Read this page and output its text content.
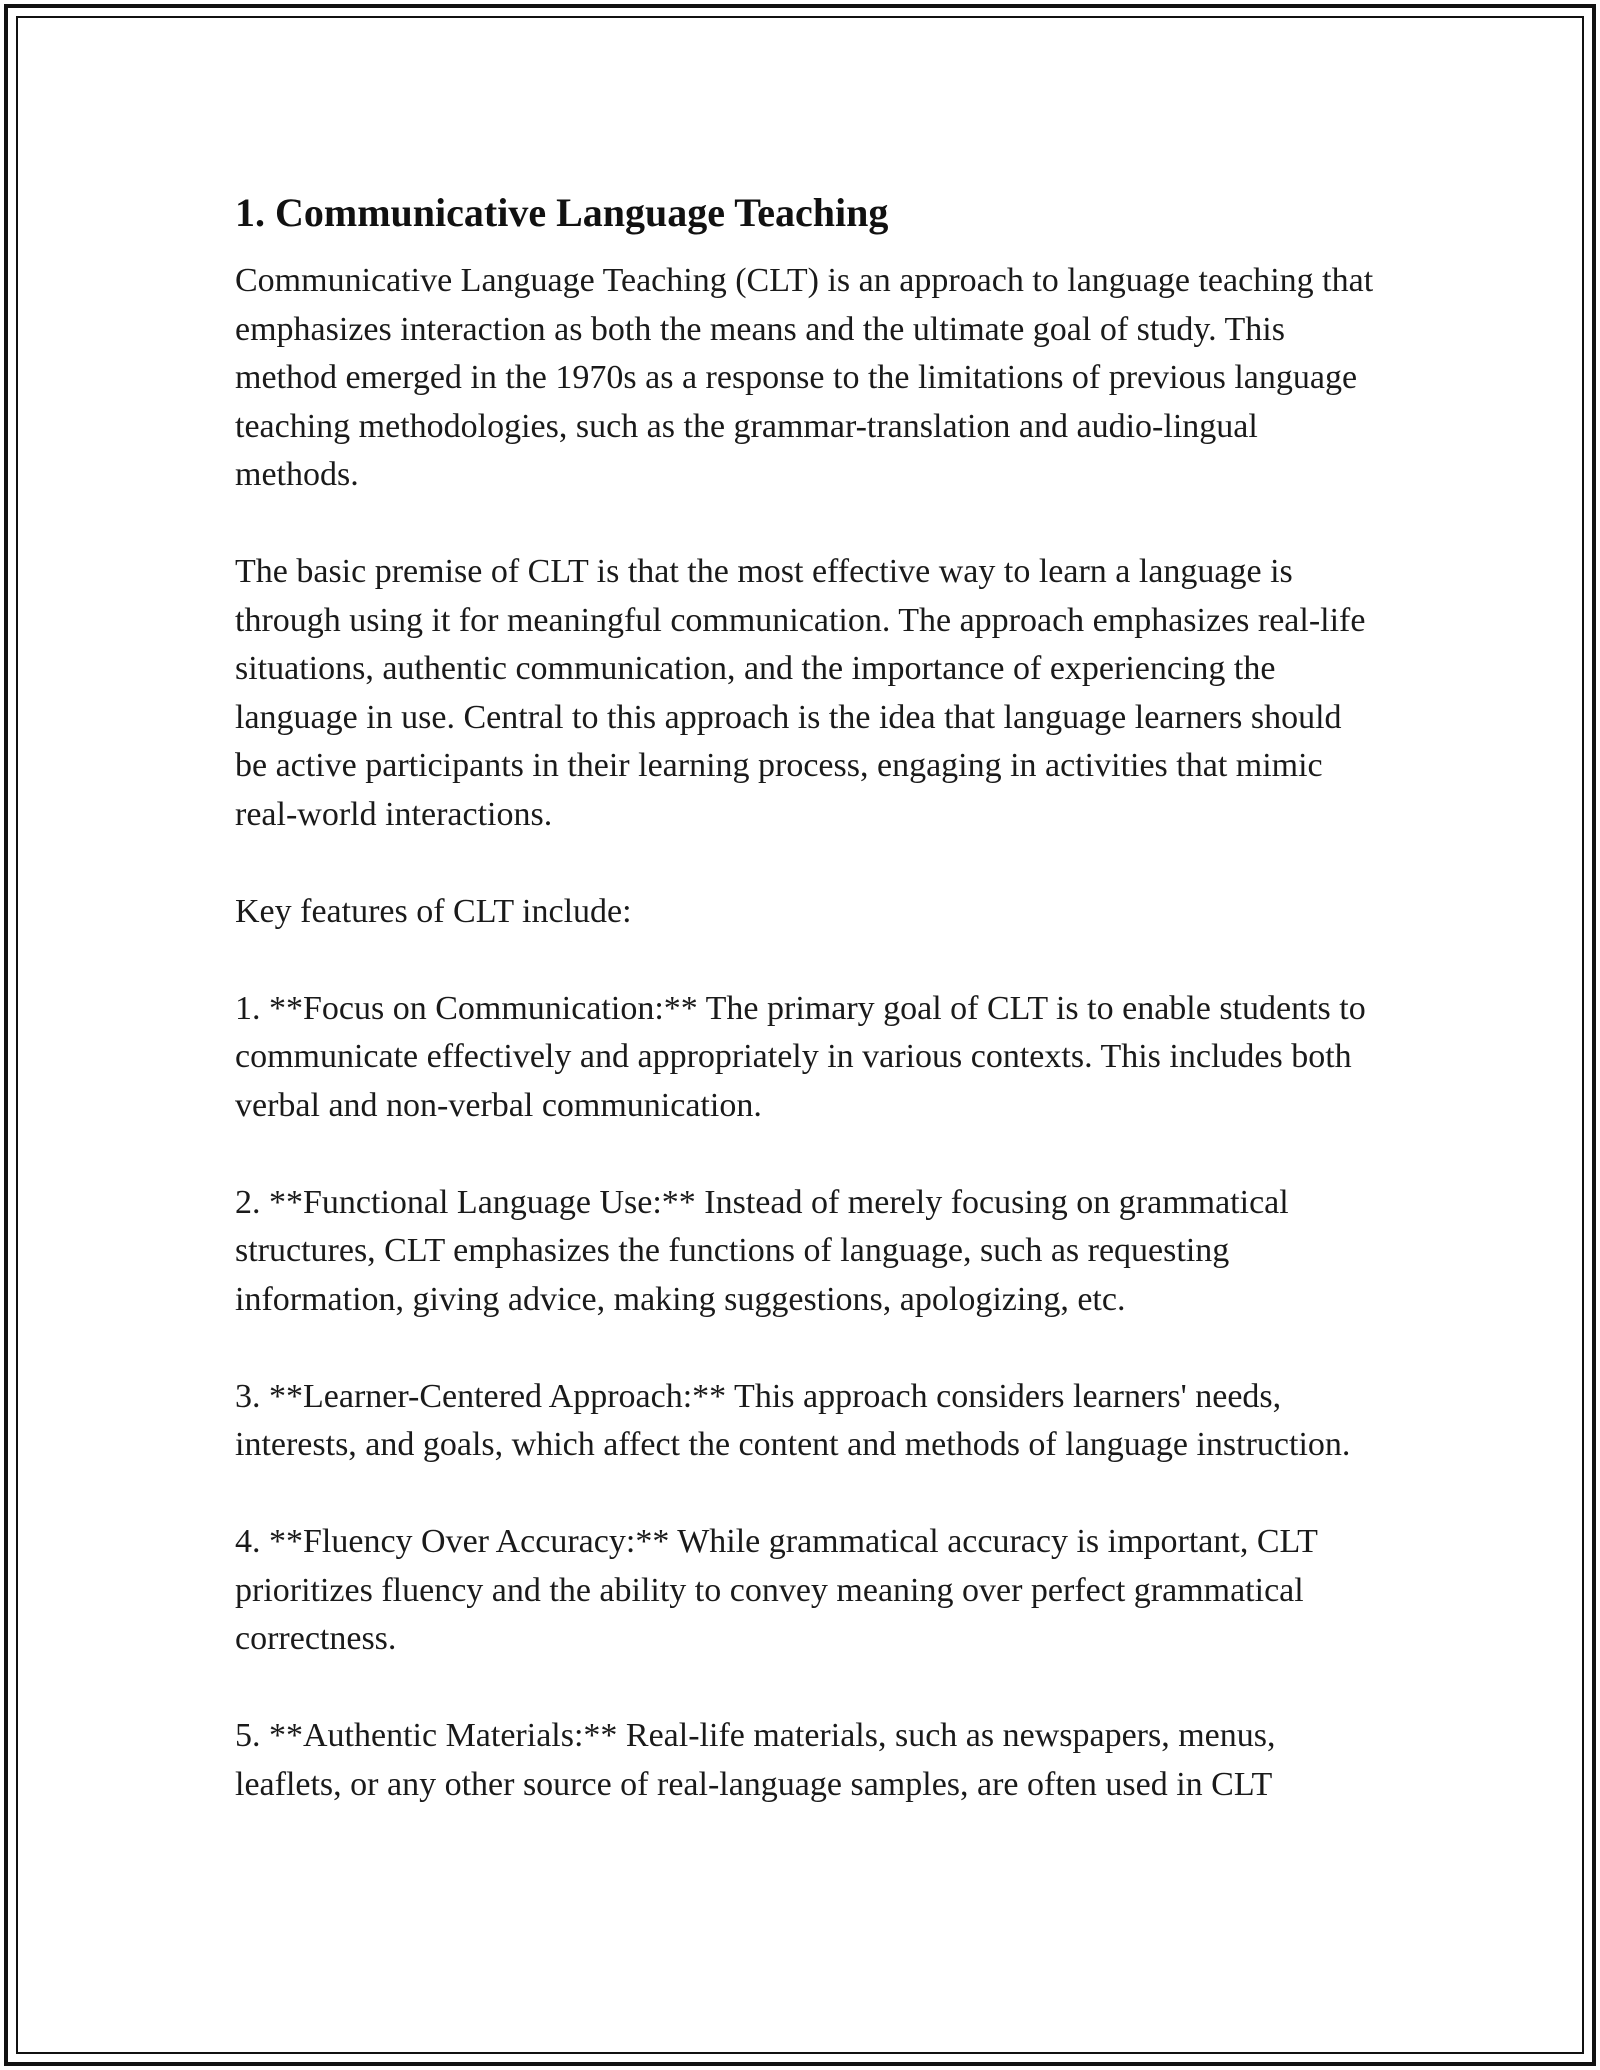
1. Communicative Language Teaching

Communicative Language Teaching (CLT) is an approach to language teaching that emphasizes interaction as both the means and the ultimate goal of study. This method emerged in the 1970s as a response to the limitations of previous language teaching methodologies, such as the grammar-translation and audio-lingual methods.

The basic premise of CLT is that the most effective way to learn a language is through using it for meaningful communication. The approach emphasizes real-life situations, authentic communication, and the importance of experiencing the language in use. Central to this approach is the idea that language learners should be active participants in their learning process, engaging in activities that mimic real-world interactions.

Key features of CLT include:

1. **Focus on Communication:** The primary goal of CLT is to enable students to communicate effectively and appropriately in various contexts. This includes both verbal and non-verbal communication.

2. **Functional Language Use:** Instead of merely focusing on grammatical structures, CLT emphasizes the functions of language, such as requesting information, giving advice, making suggestions, apologizing, etc.

3. **Learner-Centered Approach:** This approach considers learners' needs, interests, and goals, which affect the content and methods of language instruction.

4. **Fluency Over Accuracy:** While grammatical accuracy is important, CLT prioritizes fluency and the ability to convey meaning over perfect grammatical correctness.

5. **Authentic Materials:** Real-life materials, such as newspapers, menus, leaflets, or any other source of real-language samples, are often used in CLT
